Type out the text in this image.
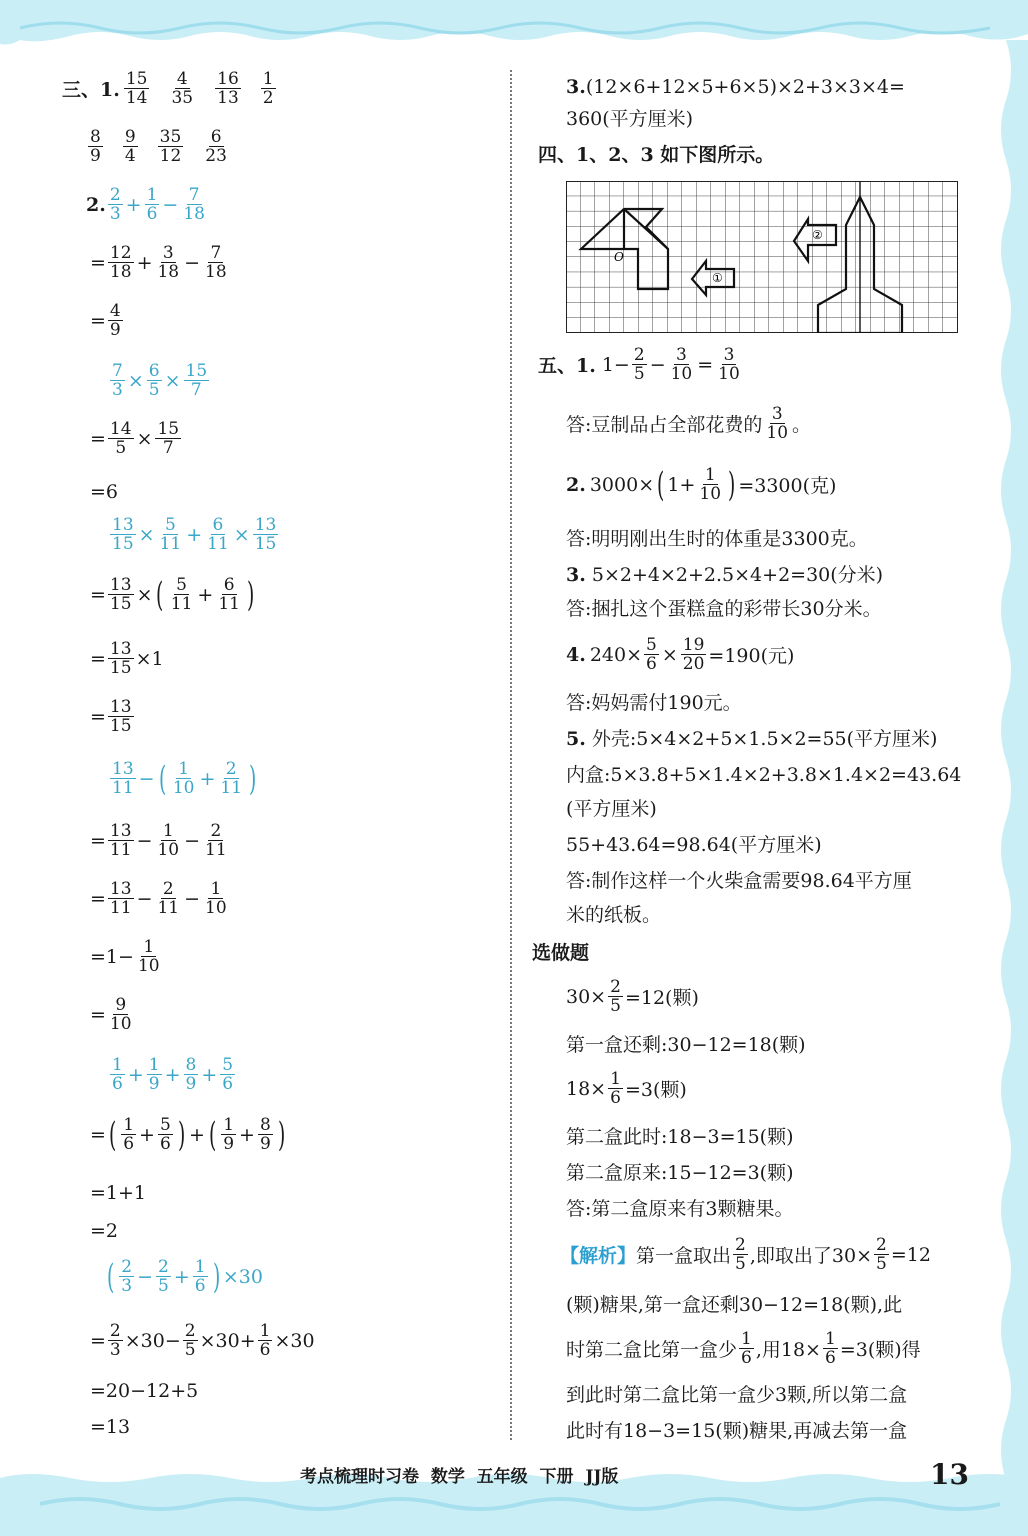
三、1. $\frac{15}{14} \frac{4}{35} \frac{16}{13} \frac{1}{2}$
$\frac{8}{9} \frac{9}{4} \frac{35}{12} \frac{6}{23}$
2. $\frac{2}{3} + \frac{1}{6} - \frac{7}{18}$
= $\frac{12}{18} + \frac{3}{18} - \frac{7}{18}$
= $\frac{4}{9}$
$\frac{7}{3} \times \frac{6}{5} \times \frac{15}{7}$
= $\frac{14}{5} \times \frac{15}{7}$
=6
$\frac{13}{15} \times \frac{5}{11} + \frac{6}{11} \times \frac{13}{15}$
= $\frac{13}{15}$ × ( $\frac{5}{11} + \frac{6}{11}$ )
= $\frac{13}{15} \times 1$
= $\frac{13}{15}$
$\frac{13}{11}$ − ( $\frac{1}{10} + \frac{2}{11}$ )
= $\frac{13}{11} - \frac{1}{10} - \frac{2}{11}$
= $\frac{13}{11} - \frac{2}{11} - \frac{1}{10}$
$=1- \frac{1}{10}$
= $\frac{9}{10}$
$\frac{1}{6} + \frac{1}{9} + \frac{8}{9} + \frac{5}{6}$
= ( $\frac{1}{6} + \frac{5}{6}$ ) + ( $\frac{1}{9} + \frac{8}{9}$ )
=1+1
=2
( $\frac{2}{3} - \frac{2}{5} + \frac{1}{6}$ ) ×30
= $\frac{2}{3} \times 30- \frac{2}{5} \times 30+ \frac{1}{6} \times 30$
=20−12+5
=13
3.(12×6+12×5+6×5)×2+3×3×4=
360(平方厘米)
四、1、2、3 如下图所示。
O
①
②
五、1. $1- \frac{2}{5} - \frac{3}{10} = \frac{3}{10}$
答:豆制品占全部花费的 $\frac{3}{10}$ 。
2. 3000× ( $1+ \frac{1}{10}$ ) =3300(克)
答:明明刚出生时的体重是3300克。
3. 5×2+4×2+2.5×4+2=30(分米)
答:捆扎这个蛋糕盒的彩带长30分米。
4. $240\times \frac{5}{6} \times \frac{19}{20} =190$(元)
答:妈妈需付190元。
5. 外壳:5×4×2+5×1.5×2=55(平方厘米)
内盒:5×3.8+5×1.4×2+3.8×1.4×2=43.64
(平方厘米)
55+43.64=98.64(平方厘米)
答:制作这样一个火柴盒需要98.64平方厘
米的纸板。
选做题
$30\times \frac{2}{5} =12$(颗)
第一盒还剩:30−12=18(颗)
$18\times \frac{1}{6} =3$(颗)
第二盒此时:18−3=15(颗)
第二盒原来:15−12=3(颗)
答:第二盒原来有3颗糖果。
【解析】 第一盒取出 $\frac{2}{5}$ ,即取出了$30\times \frac{2}{5} =12$
(颗)糖果,第一盒还剩30−12=18(颗),此
时第二盒比第一盒少 $\frac{1}{6}$ ,用$18\times \frac{1}{6} =3$(颗)得
到此时第二盒比第一盒少3颗,所以第二盒
此时有18−3=15(颗)糖果,再减去第一盒
考点梳理时习卷  数学  五年级  下册  JJ版	13
